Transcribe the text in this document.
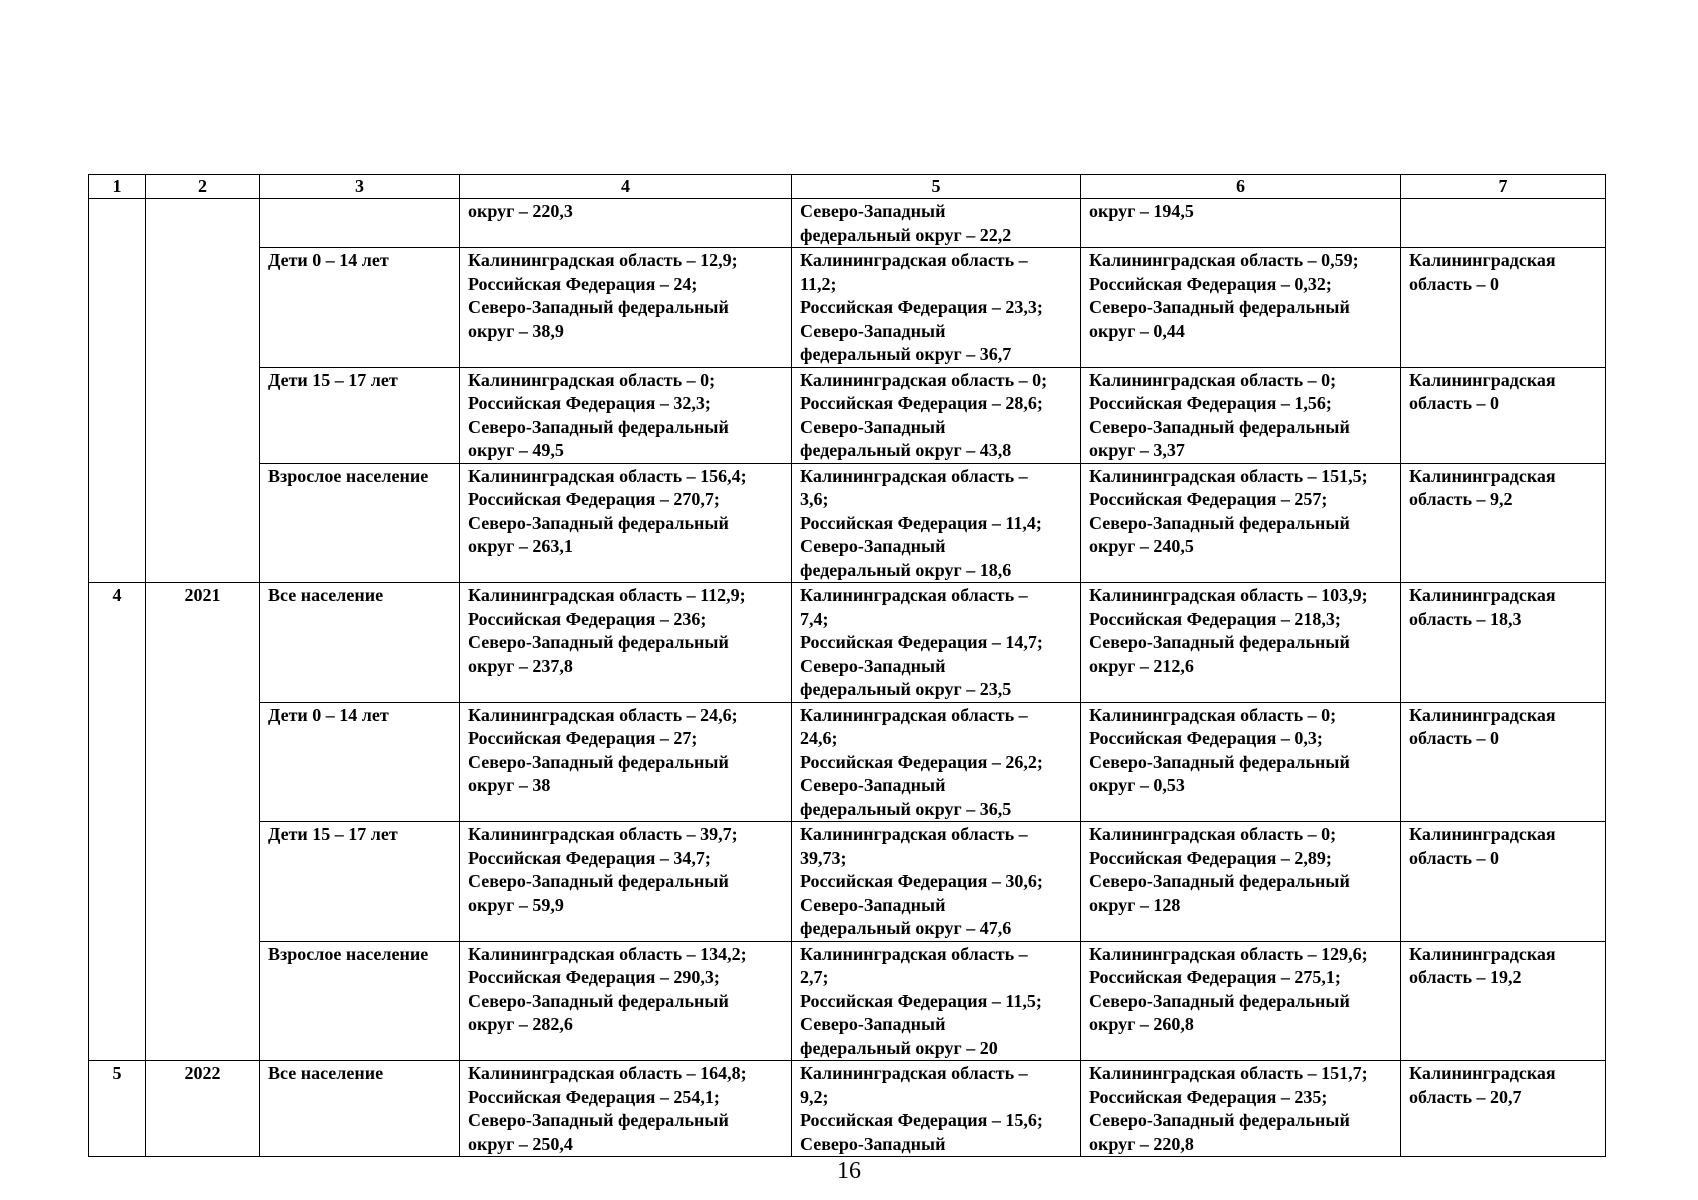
1	2	3	4	5	6	7
			округ – 220,3	Северо-Западный
федеральный округ – 22,2	округ – 194,5	
		Дети 0 – 14 лет	Калининградская область – 12,9;
Российская Федерация – 24;
Северо-Западный федеральный
округ – 38,9	Калининградская область –
11,2;
Российская Федерация – 23,3;
Северо-Западный
федеральный округ – 36,7	Калининградская область – 0,59;
Российская Федерация – 0,32;
Северо-Западный федеральный
округ – 0,44	Калининградская
область – 0
		Дети 15 – 17 лет	Калининградская область – 0;
Российская Федерация – 32,3;
Северо-Западный федеральный
округ – 49,5	Калининградская область – 0;
Российская Федерация – 28,6;
Северо-Западный
федеральный округ – 43,8	Калининградская область – 0;
Российская Федерация – 1,56;
Северо-Западный федеральный
округ – 3,37	Калининградская
область – 0
		Взрослое население	Калининградская область – 156,4;
Российская Федерация – 270,7;
Северо-Западный федеральный
округ – 263,1	Калининградская область –
3,6;
Российская Федерация – 11,4;
Северо-Западный
федеральный округ – 18,6	Калининградская область – 151,5;
Российская Федерация – 257;
Северо-Западный федеральный
округ – 240,5	Калининградская
область – 9,2
4	2021	Все население	Калининградская область – 112,9;
Российская Федерация – 236;
Северо-Западный федеральный
округ – 237,8	Калининградская область –
7,4;
Российская Федерация – 14,7;
Северо-Западный
федеральный округ – 23,5	Калининградская область – 103,9;
Российская Федерация – 218,3;
Северо-Западный федеральный
округ – 212,6	Калининградская
область – 18,3
		Дети 0 – 14 лет	Калининградская область – 24,6;
Российская Федерация – 27;
Северо-Западный федеральный
округ – 38	Калининградская область –
24,6;
Российская Федерация – 26,2;
Северо-Западный
федеральный округ – 36,5	Калининградская область – 0;
Российская Федерация – 0,3;
Северо-Западный федеральный
округ – 0,53	Калининградская
область – 0
		Дети 15 – 17 лет	Калининградская область – 39,7;
Российская Федерация – 34,7;
Северо-Западный федеральный
округ – 59,9	Калининградская область –
39,73;
Российская Федерация – 30,6;
Северо-Западный
федеральный округ – 47,6	Калининградская область – 0;
Российская Федерация – 2,89;
Северо-Западный федеральный
округ – 128	Калининградская
область – 0
		Взрослое население	Калининградская область – 134,2;
Российская Федерация – 290,3;
Северо-Западный федеральный
округ – 282,6	Калининградская область –
2,7;
Российская Федерация – 11,5;
Северо-Западный
федеральный округ – 20	Калининградская область – 129,6;
Российская Федерация – 275,1;
Северо-Западный федеральный
округ – 260,8	Калининградская
область – 19,2
5	2022	Все население	Калининградская область – 164,8;
Российская Федерация – 254,1;
Северо-Западный федеральный
округ – 250,4	Калининградская область –
9,2;
Российская Федерация – 15,6;
Северо-Западный	Калининградская область – 151,7;
Российская Федерация – 235;
Северо-Западный федеральный
округ – 220,8	Калининградская
область – 20,7
16
